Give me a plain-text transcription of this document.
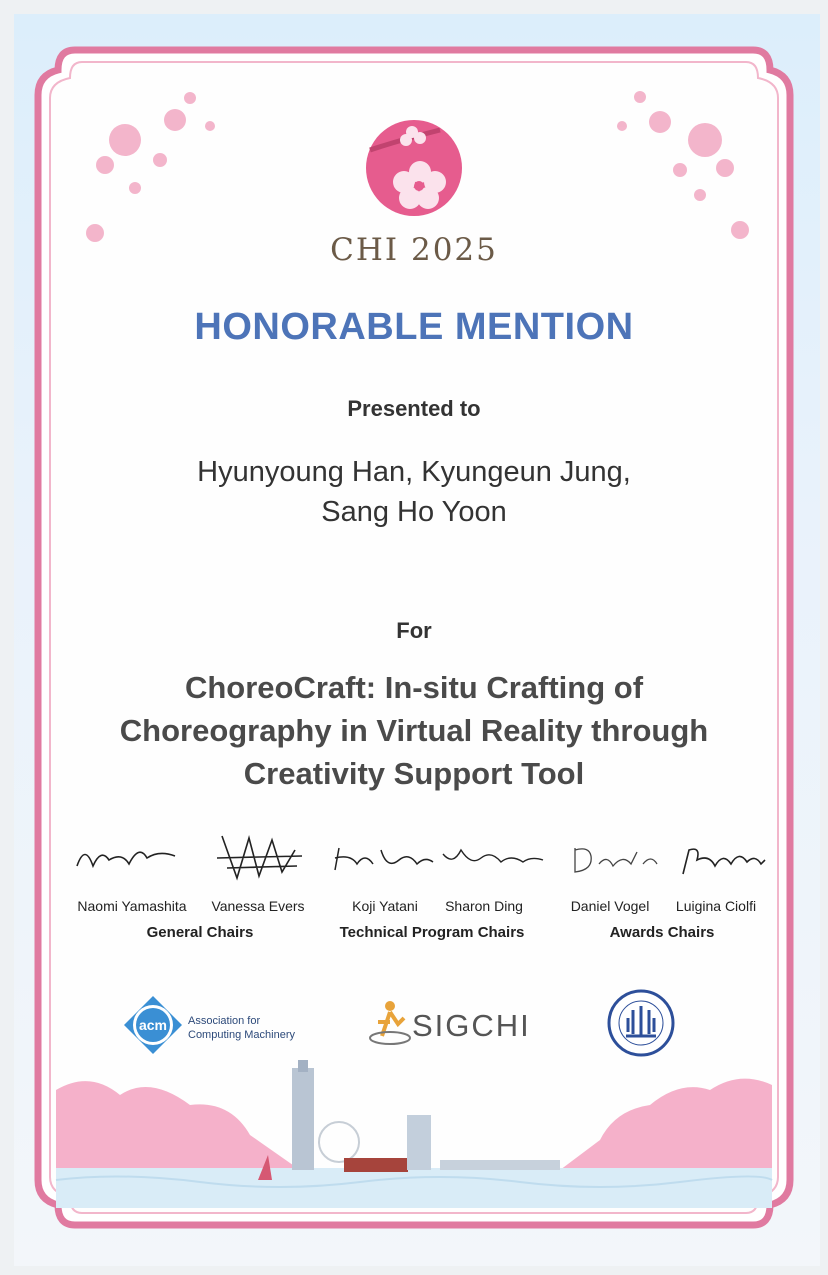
CHI 2025
HONORABLE MENTION
Presented to
Hyunyoung Han, Kyungeun Jung,
Sang Ho Yoon
For
ChoreoCraft: In-situ Crafting of
Choreography in Virtual Reality through
Creativity Support Tool
Naomi Yamashita	Vanessa Evers
General Chairs
Koji Yatani	Sharon Ding
Technical Program Chairs
Daniel Vogel	Luigina Ciolfi
Awards Chairs
acm Association for
Computing Machinery	SIGCHI
